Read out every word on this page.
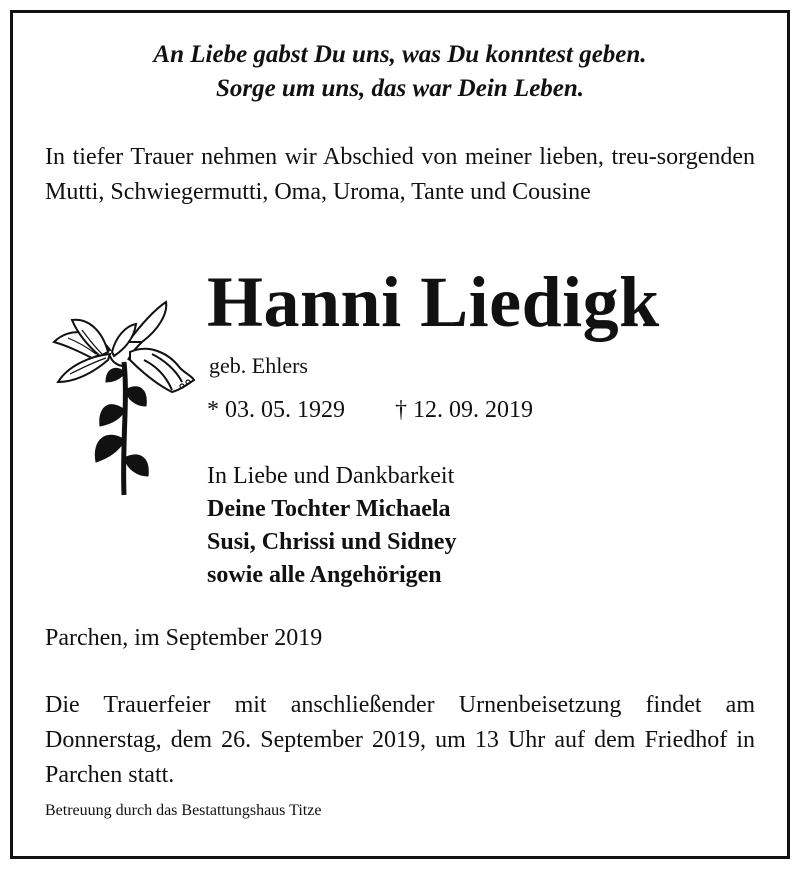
An Liebe gabst Du uns, was Du konntest geben.
Sorge um uns, das war Dein Leben.
In tiefer Trauer nehmen wir Abschied von meiner lieben, treu-sorgenden Mutti, Schwiegermutti, Oma, Uroma, Tante und Cousine
Hanni Liedigk
geb. Ehlers
* 03. 05. 1929 † 12. 09. 2019
In Liebe und Dankbarkeit
Deine Tochter Michaela
Susi, Chrissi und Sidney
sowie alle Angehörigen
Parchen, im September 2019
Die Trauerfeier mit anschließender Urnenbeisetzung findet am Donnerstag, dem 26. September 2019, um 13 Uhr auf dem Friedhof in Parchen statt.
Betreuung durch das Bestattungshaus Titze
